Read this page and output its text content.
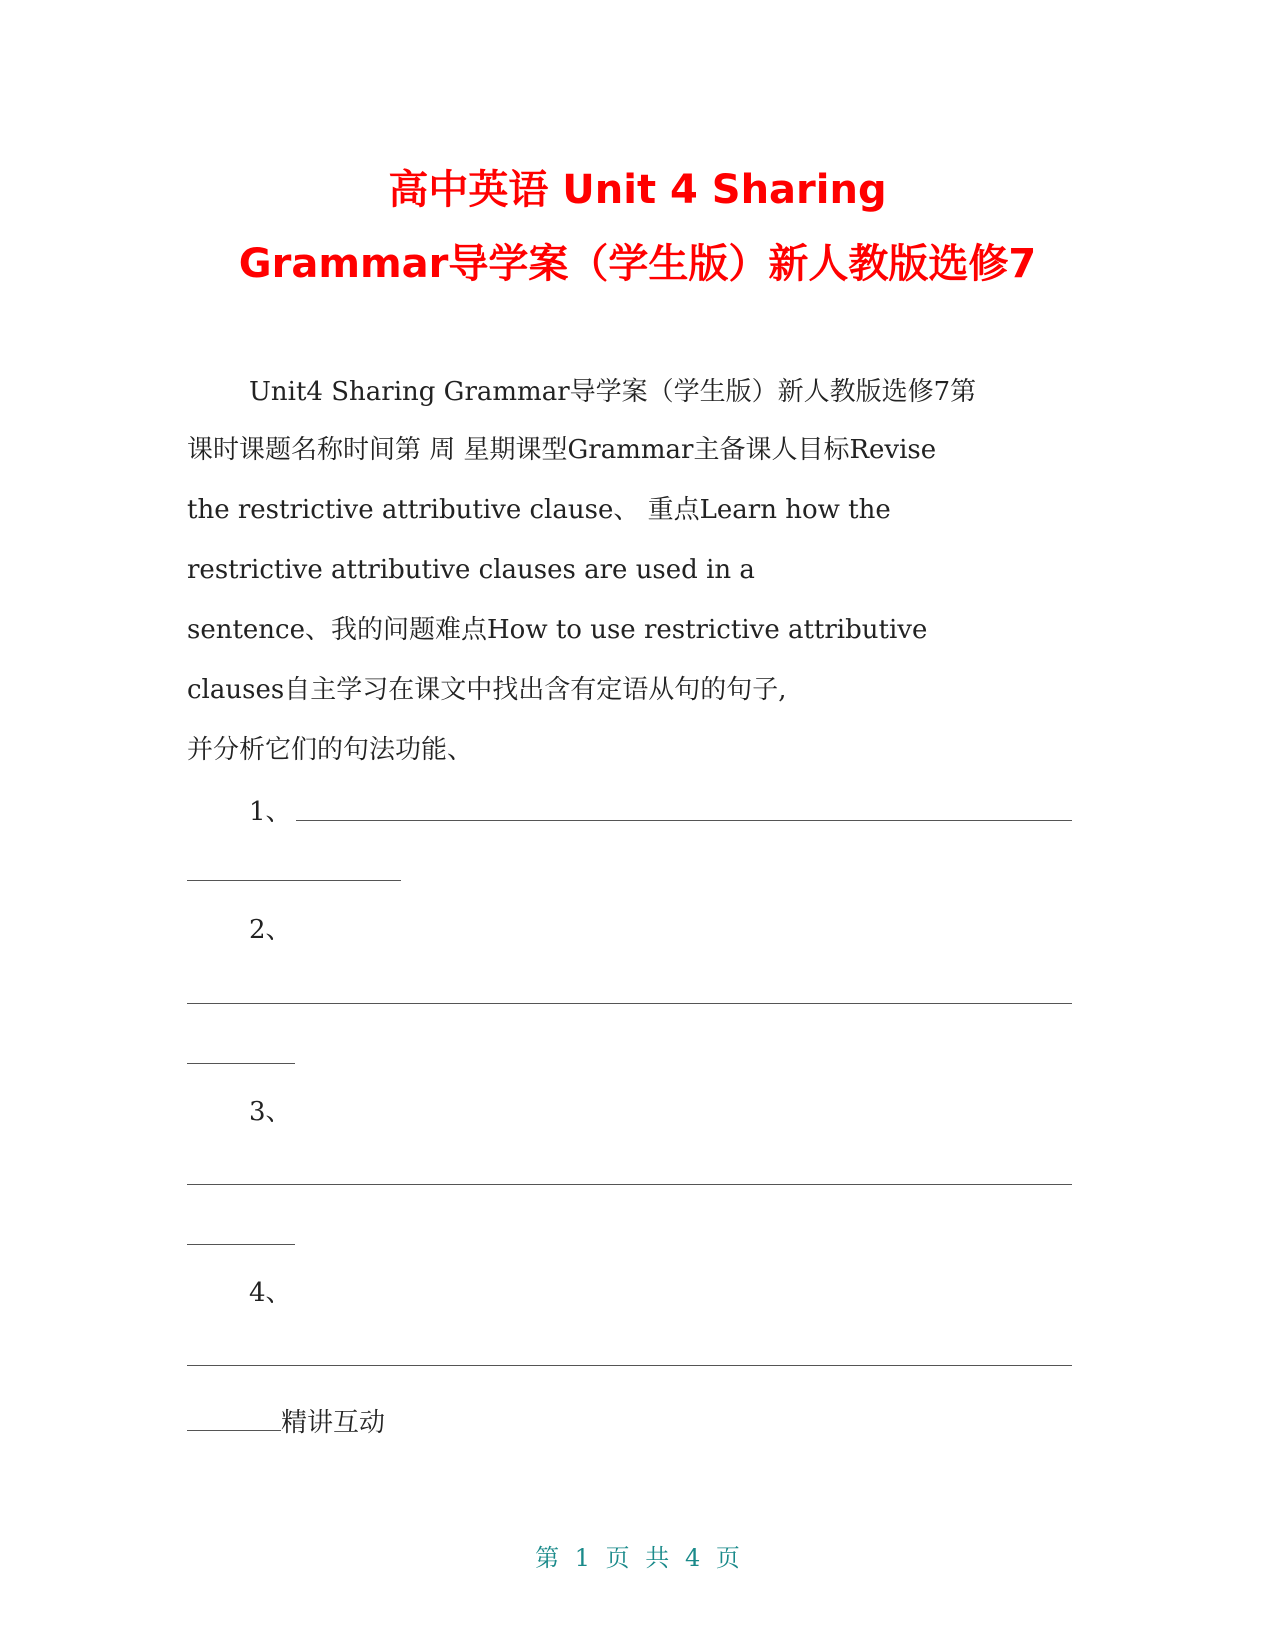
高中英语 Unit 4 Sharing
Grammar导学案（学生版）新人教版选修7
Unit4 Sharing Grammar导学案（学生版）新人教版选修7第
课时课题名称时间第 周 星期课型Grammar主备课人目标Revise
the restrictive attributive clause、 重点Learn how the
restrictive attributive clauses are used in a
sentence、我的问题难点How to use restrictive attributive
clauses自主学习在课文中找出含有定语从句的句子,
并分析它们的句法功能、
1、
2、
3、
4、
精讲互动
第 1 页 共 4 页
